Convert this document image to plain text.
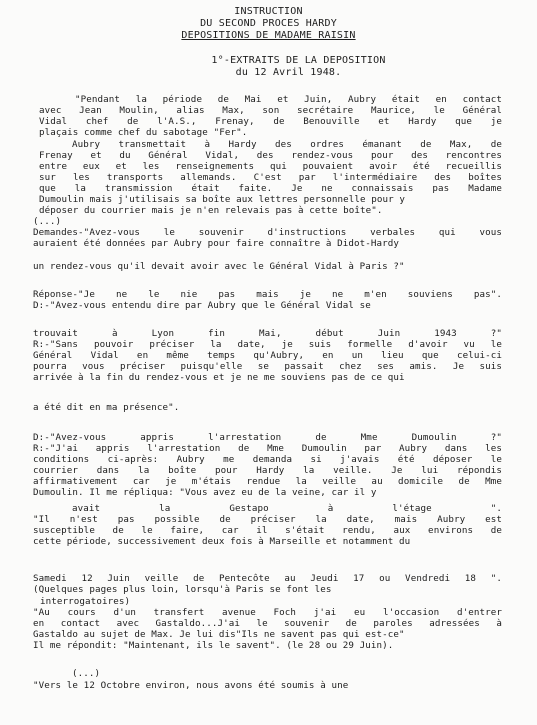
INSTRUCTION
DU SECOND PROCES HARDY
DEPOSITIONS DE MADAME RAISIN
1°-EXTRAITS DE LA DEPOSITION
du 12 Avril 1948.
"Pendant la période de Mai et Juin, Aubry était en contact
avec Jean Moulin, alias Max, son secrétaire Maurice, le Général
Vidal chef de l'A.S., Frenay, de Benouville et Hardy que je
plaçais comme chef du sabotage "Fer".
Aubry transmettait à Hardy des ordres émanant de Max, de
Frenay et du Général Vidal, des rendez-vous pour des rencontres
entre eux et les renseignements qui pouvaient avoir été recueillis
sur les transports allemands. C'est par l'intermédiaire des boîtes
que la transmission était faite. Je ne connaissais pas Madame
Dumoulin mais j'utilisais sa boîte aux lettres personnelle pour y
déposer du courrier mais je n'en relevais pas à cette boîte".
(...)
Demandes-"Avez-vous le souvenir d'instructions verbales qui vous
auraient été données par Aubry pour faire connaître à Didot-Hardy
un rendez-vous qu'il devait avoir avec le Général Vidal à Paris ?"
Réponse-"Je ne le nie pas mais je ne m'en souviens pas".
D:-"Avez-vous entendu dire par Aubry que le Général Vidal se
trouvait à Lyon fin Mai, début Juin 1943 ?"
R:-"Sans pouvoir préciser la date, je suis formelle d'avoir vu le
Général Vidal en même temps qu'Aubry, en un lieu que celui-ci
pourra vous préciser puisqu'elle se passait chez ses amis. Je suis
arrivée à la fin du rendez-vous et je ne me souviens pas de ce qui
a été dit en ma présence".
D:-"Avez-vous appris l'arrestation de Mme Dumoulin ?"
R:-"J'ai appris l'arrestation de Mme Dumoulin par Aubry dans les
conditions ci-après: Aubry me demanda si j'avais été déposer le
courrier dans la boîte pour Hardy la veille. Je lui répondis
affirmativement car je m'étais rendue la veille au domicile de Mme
Dumoulin. Il me répliqua: "Vous avez eu de la veine, car il y
avait la Gestapo à l'étage ".
"Il n'est pas possible de préciser la date, mais Aubry est
susceptible de le faire, car il s'était rendu, aux environs de
cette période, successivement deux fois à Marseille et notamment du
Samedi 12 Juin veille de Pentecôte au Jeudi 17 ou Vendredi 18 ".
(Quelques pages plus loin, lorsqu'à Paris se font les
interrogatoires)
"Au cours d'un transfert avenue Foch j'ai eu l'occasion d'entrer
en contact avec Gastaldo...J'ai le souvenir de paroles adressées à
Gastaldo au sujet de Max. Je lui dis"Ils ne savent pas qui est-ce"
Il me répondit: "Maintenant, ils le savent". (le 28 ou 29 Juin).
(...)
"Vers le 12 Octobre environ, nous avons été soumis à une
